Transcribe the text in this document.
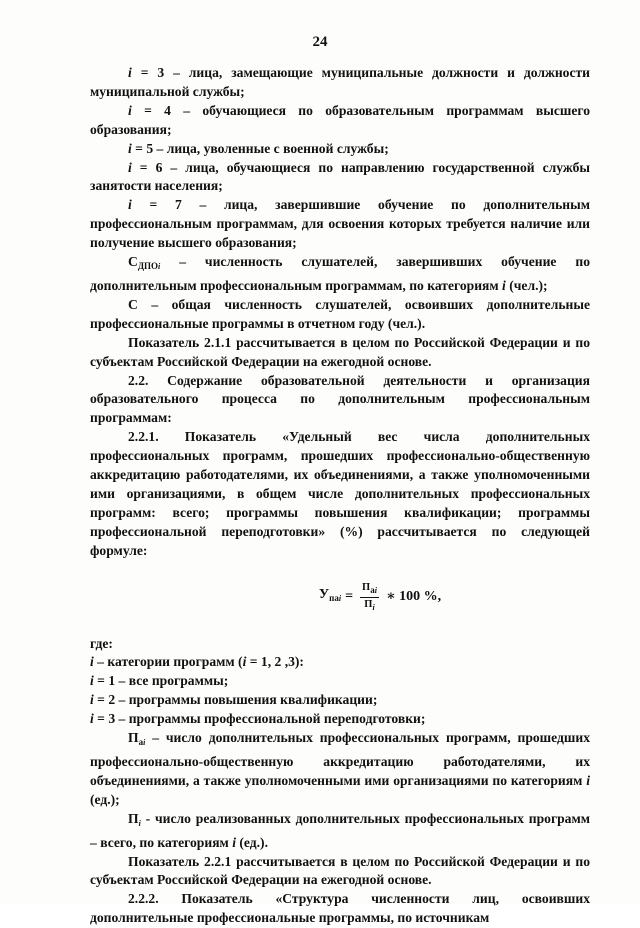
24

i = 3 – лица, замещающие муниципальные должности и должности муниципальной службы;

i = 4 – обучающиеся по образовательным программам высшего образования;

i = 5 – лица, уволенные с военной службы;

i = 6 – лица, обучающиеся по направлению государственной службы занятости населения;

i = 7 – лица, завершившие обучение по дополнительным профессиональным программам, для освоения которых требуется наличие или получение высшего образования;

$С_{ДПОi}$ – численность слушателей, завершивших обучение по дополнительным профессиональным программам, по категориям i (чел.);

С – общая численность слушателей, освоивших дополнительные профессиональные программы в отчетном году (чел.).

Показатель 2.1.1 рассчитывается в целом по Российской Федерации и по субъектам Российской Федерации на ежегодной основе.

2.2. Содержание образовательной деятельности и организация образовательного процесса по дополнительным профессиональным программам:

2.2.1. Показатель «Удельный вес числа дополнительных профессиональных программ, прошедших профессионально-общественную аккредитацию работодателями, их объединениями, а также уполномоченными ими организациями, в общем числе дополнительных профессиональных программ: всего; программы повышения квалификации; программы профессиональной переподготовки» (%) рассчитывается по следующей формуле:

$У_{паi} = \frac{Па_i}{П_i}$ ∗ 100 %,

где:

i – категории программ (i = 1, 2 ,3):

i = 1 – все программы;

i = 2 – программы повышения квалификации;

i = 3 – программы профессиональной переподготовки;

$П_{аi}$ – число дополнительных профессиональных программ, прошедших профессионально-общественную аккредитацию работодателями, их объединениями, а также уполномоченными ими организациями по категориям i (ед.);

$П_i$ - число реализованных дополнительных профессиональных программ – всего, по категориям i (ед.).

Показатель 2.2.1 рассчитывается в целом по Российской Федерации и по субъектам Российской Федерации на ежегодной основе.

2.2.2. Показатель «Структура численности лиц, освоивших дополнительные профессиональные программы, по источникам
